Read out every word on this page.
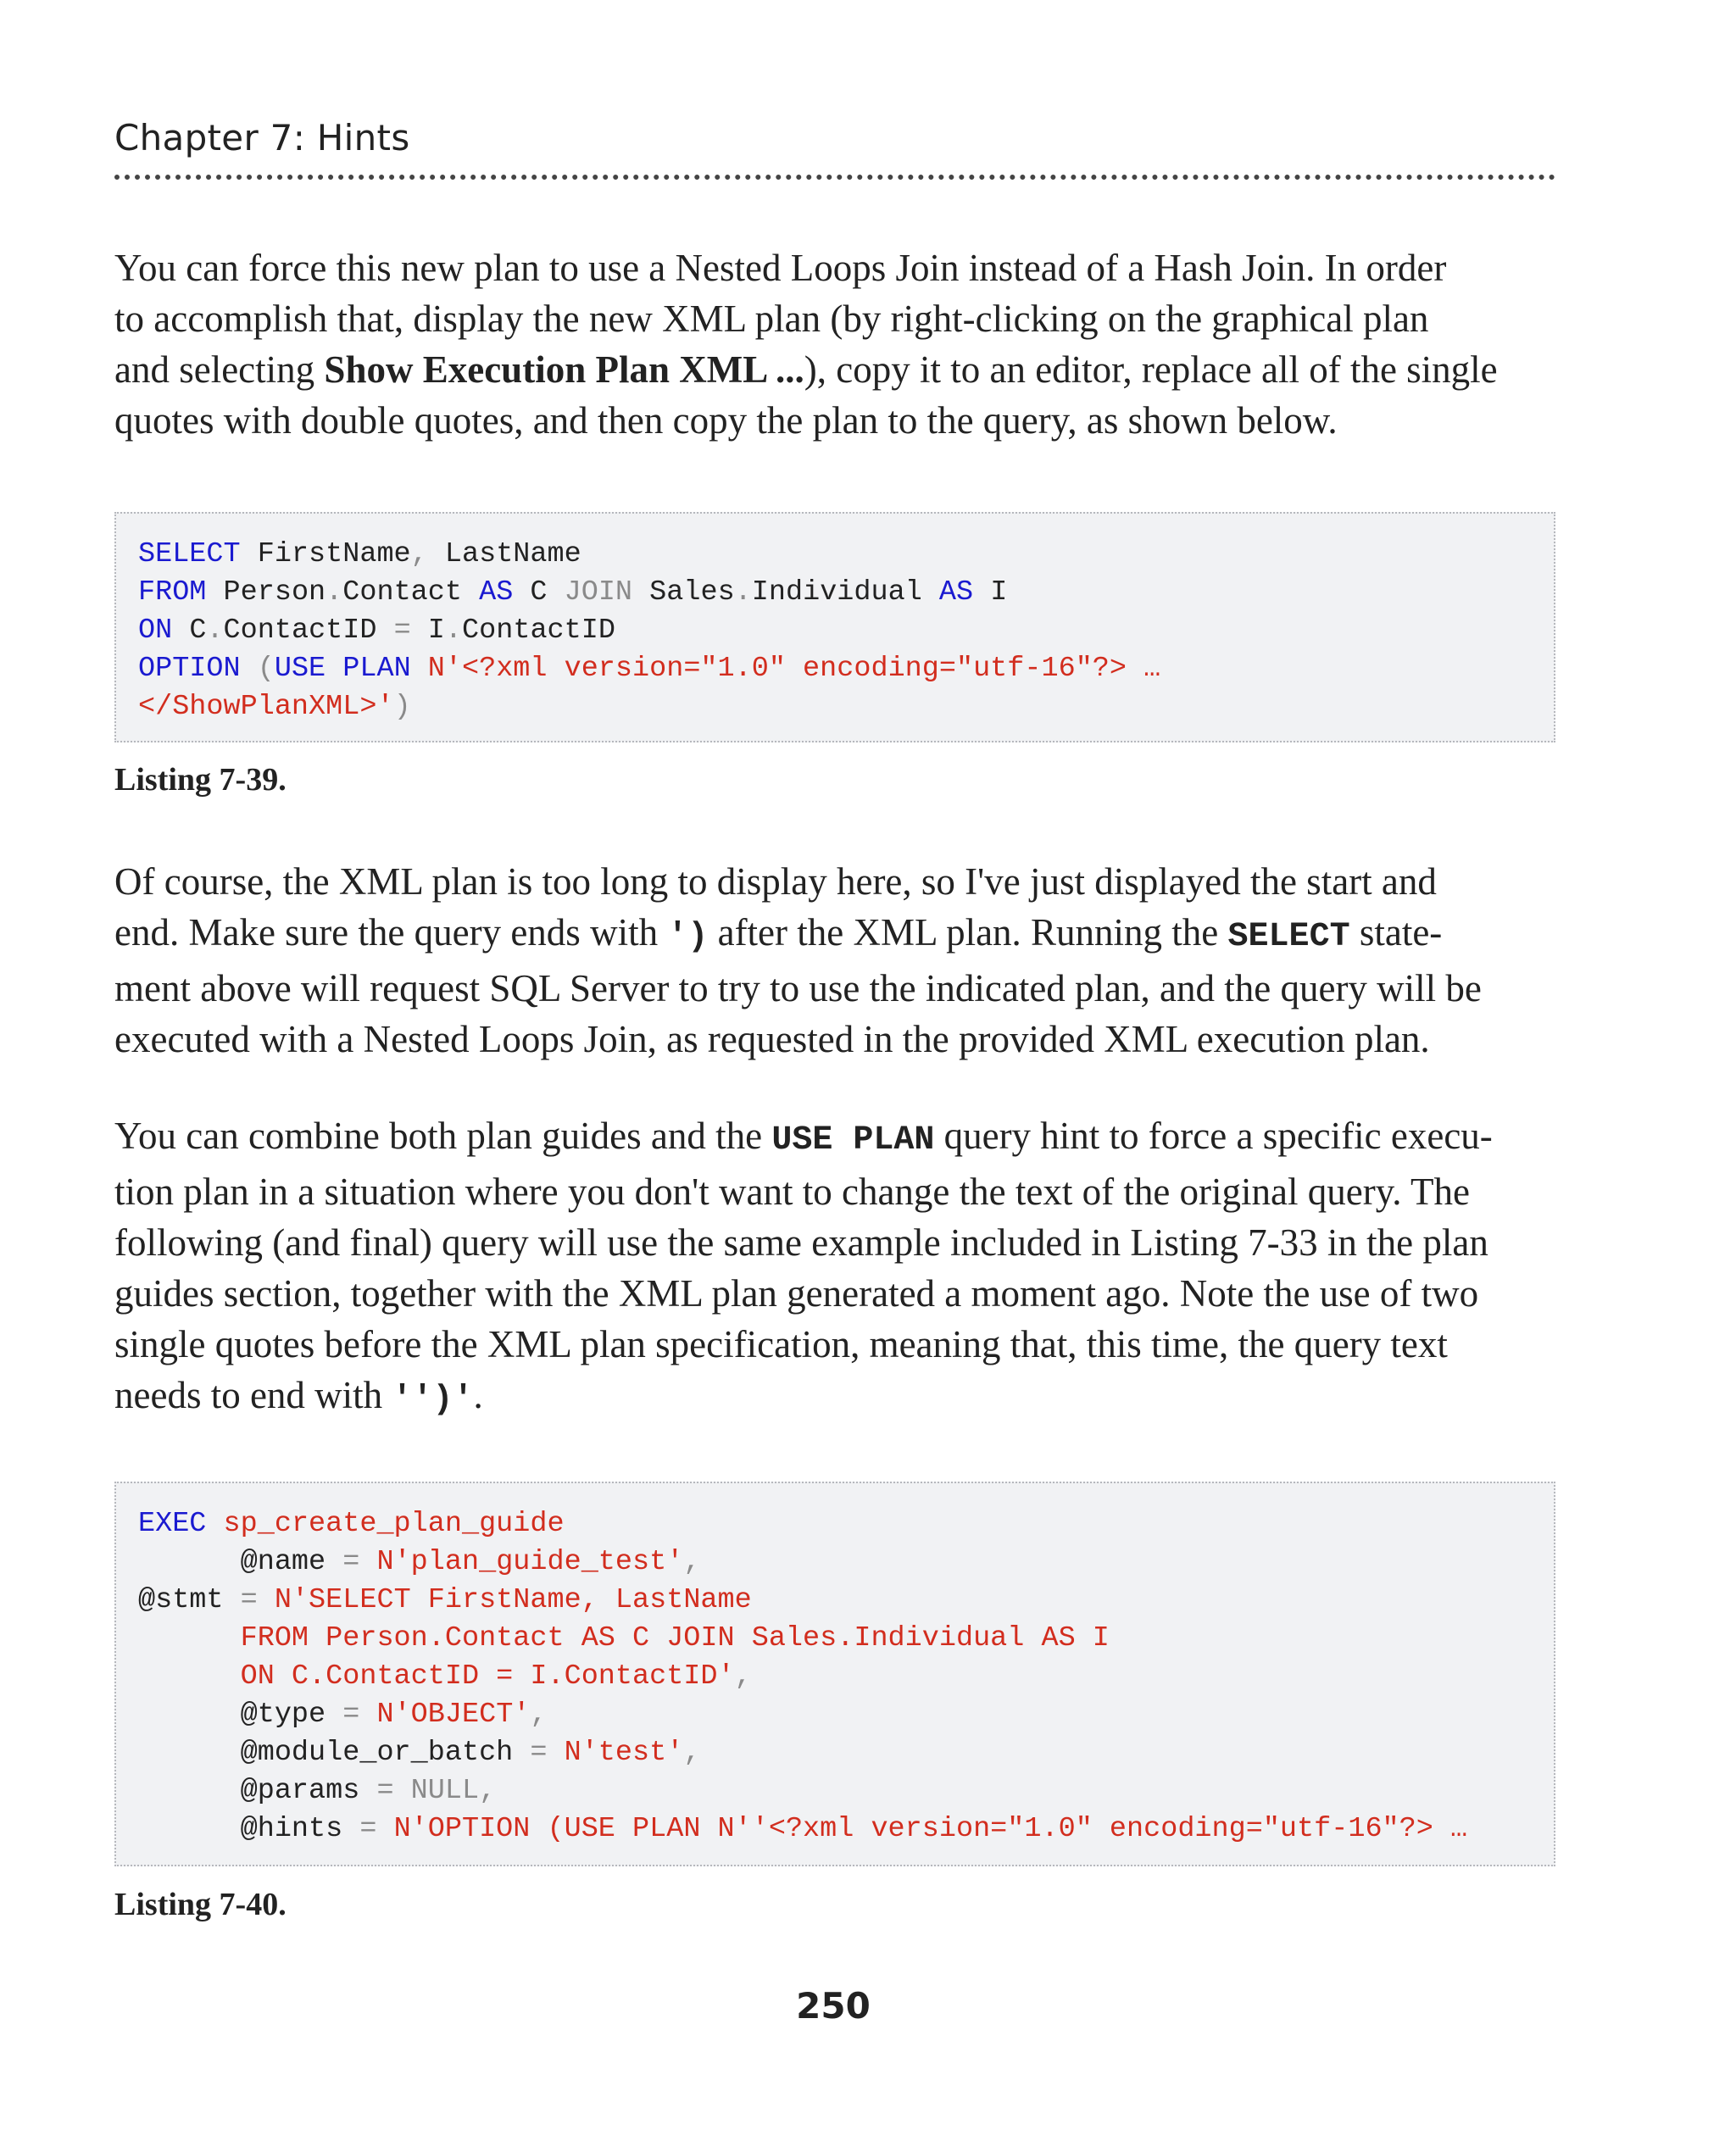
Chapter 7: Hints

You can force this new plan to use a Nested Loops Join instead of a Hash Join. In order
to accomplish that, display the new XML plan (by right-clicking on the graphical plan
and selecting Show Execution Plan XML ...), copy it to an editor, replace all of the single
quotes with double quotes, and then copy the plan to the query, as shown below.

SELECT FirstName, LastName
FROM Person.Contact AS C JOIN Sales.Individual AS I
ON C.ContactID = I.ContactID
OPTION (USE PLAN N'<?xml version="1.0" encoding="utf-16"?> …
</ShowPlanXML>')

Listing 7-39.

Of course, the XML plan is too long to display here, so I've just displayed the start and
end. Make sure the query ends with ') after the XML plan. Running the SELECT state-
ment above will request SQL Server to try to use the indicated plan, and the query will be
executed with a Nested Loops Join, as requested in the provided XML execution plan.

You can combine both plan guides and the USE PLAN query hint to force a specific execu-
tion plan in a situation where you don't want to change the text of the original query. The
following (and final) query will use the same example included in Listing 7-33 in the plan
guides section, together with the XML plan generated a moment ago. Note the use of two
single quotes before the XML plan specification, meaning that, this time, the query text
needs to end with '')'.

EXEC sp_create_plan_guide
@name = N'plan_guide_test',
@stmt = N'SELECT FirstName, LastName
FROM Person.Contact AS C JOIN Sales.Individual AS I
ON C.ContactID = I.ContactID',
@type = N'OBJECT',
@module_or_batch = N'test',
@params = NULL,
@hints = N'OPTION (USE PLAN N''<?xml version="1.0" encoding="utf-16"?> …

Listing 7-40.

250
